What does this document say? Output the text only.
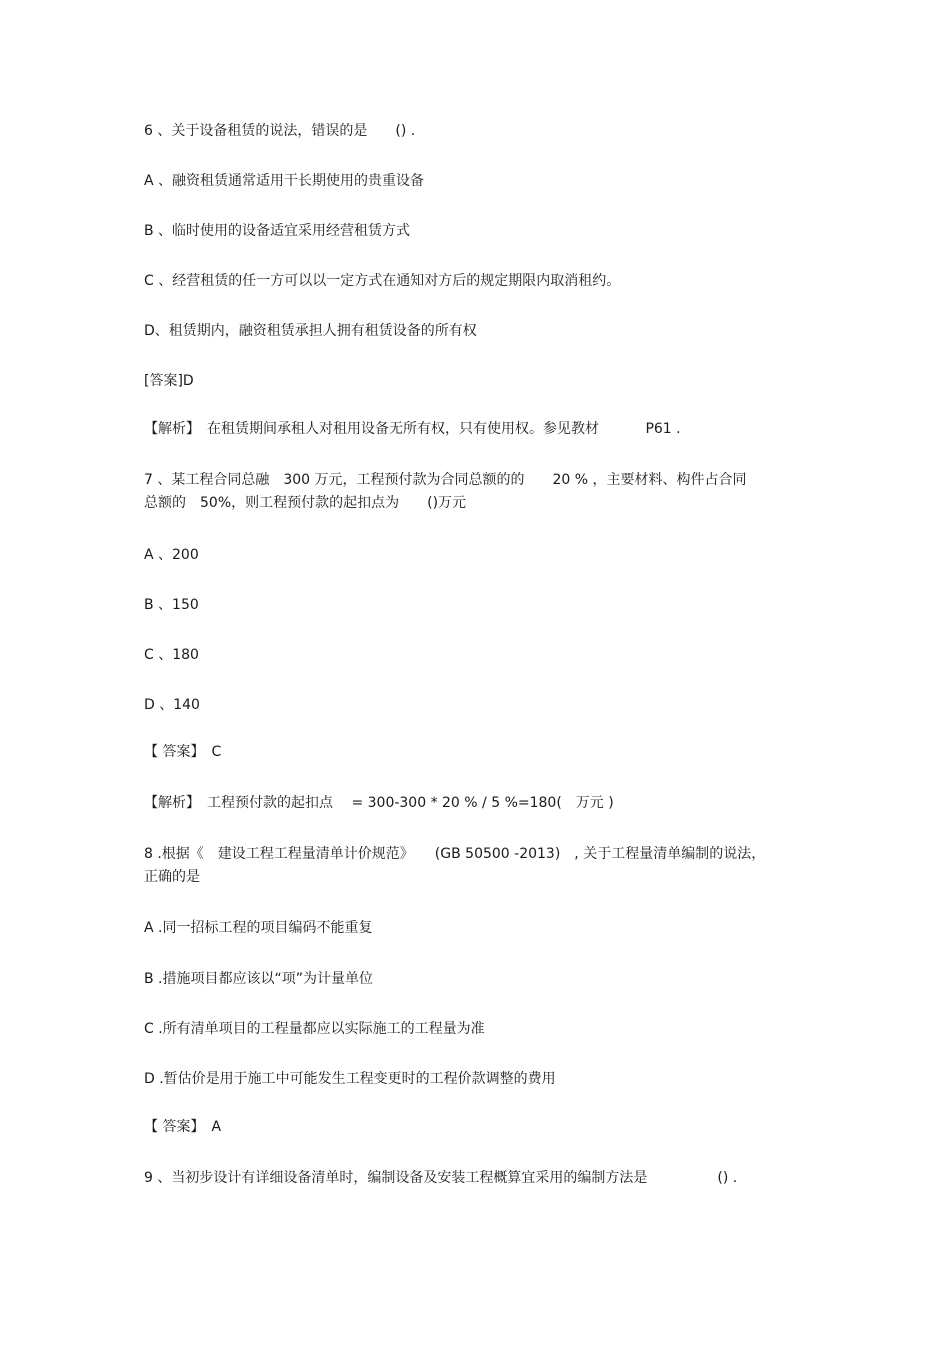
6 、关于设备租赁的说法，错误的是　　() .
A 、融资租赁通常适用干长期使用的贵重设备
B 、临时使用的设备适宜采用经营租赁方式
C 、经营租赁的任一方可以以一定方式在通知对方后的规定期限内取消租约。
D、租赁期内，融资租赁承担人拥有租赁设备的所有权
[答案]D
【解析】　在租赁期间承租人对租用设备无所有权，只有使用权。参见教材　　　 P61 .
7 、某工程合同总融　300 万元，工程预付款为合同总额的的　　20 % ，主要材料、构件占合同
总额的　50%，则工程预付款的起扣点为　　()万元
A 、200
B 、150
C 、180
D 、140
【 答案】　C
【解析】　工程预付款的起扣点　 = 300-300 * 20 % / 5 %=180(　万元 )
8 .根据《　建设工程工程量清单计价规范》　　(GB 50500 -2013)　, 关于工程量清单编制的说法，
正确的是
A .同一招标工程的项目编码不能重复
B .措施项目都应该以“项”为计量单位
C .所有清单项目的工程量都应以实际施工的工程量为准
D .暂估价是用于施工中可能发生工程变更时的工程价款调整的费用
【 答案】　A
9 、当初步设计有详细设备清单时，编制设备及安装工程概算宜采用的编制方法是　　　　　() .
